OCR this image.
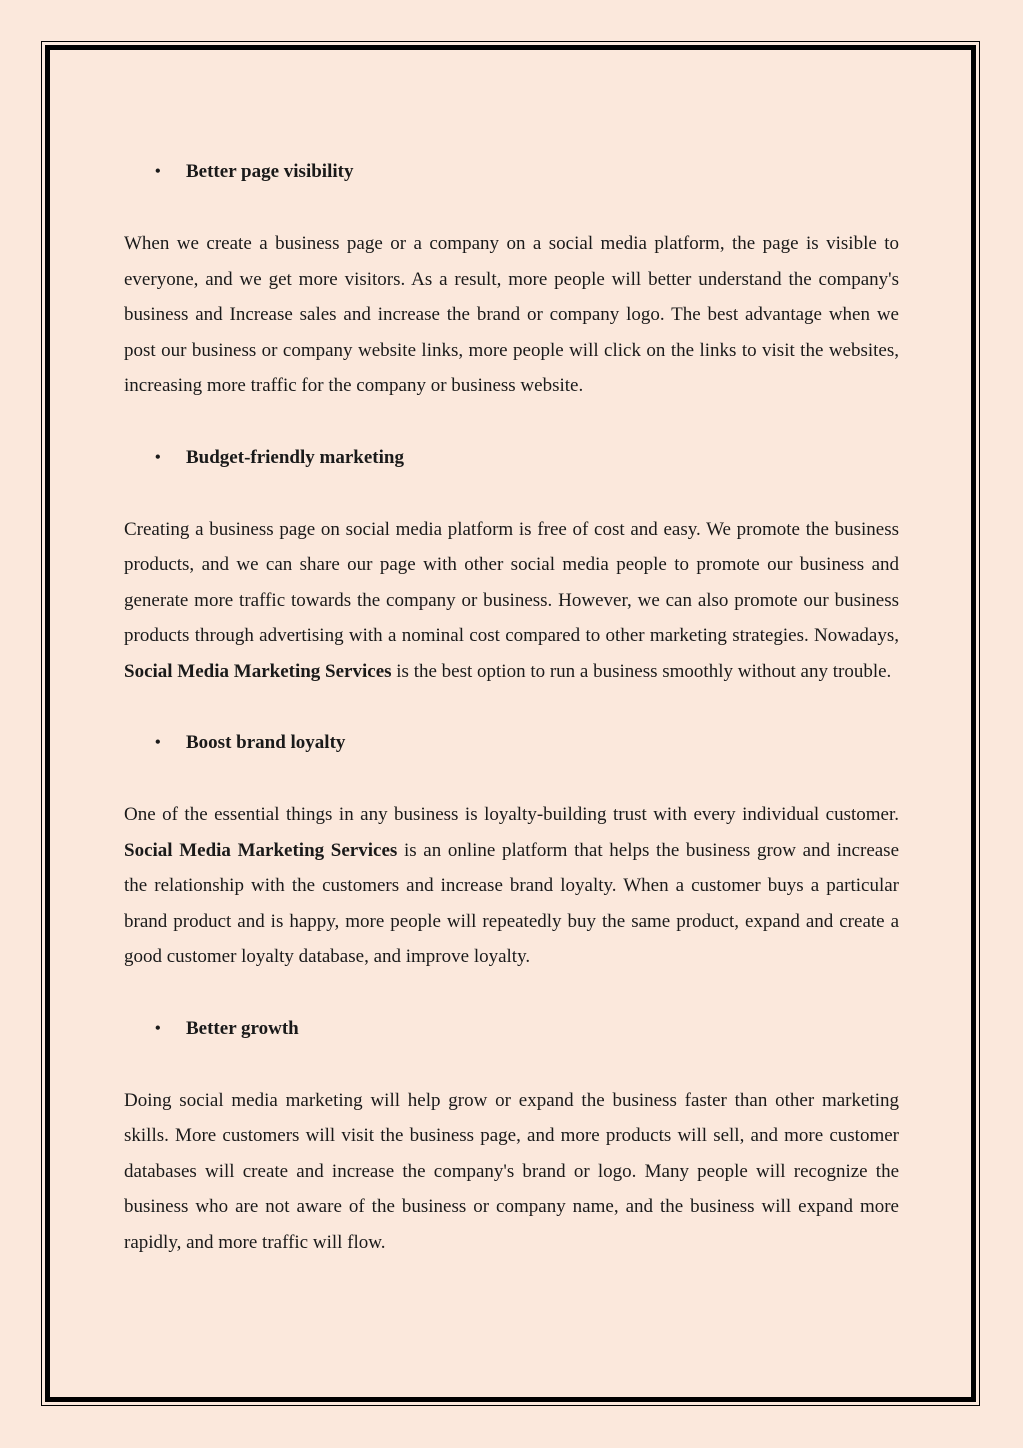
•	Better page visibility

When we create a business page or a company on a social media platform, the page is visible to everyone, and we get more visitors. As a result, more people will better understand the company's business and Increase sales and increase the brand or company logo. The best advantage when we post our business or company website links, more people will click on the links to visit the websites, increasing more traffic for the company or business website.

•	Budget-friendly marketing

Creating a business page on social media platform is free of cost and easy. We promote the business products, and we can share our page with other social media people to promote our business and generate more traffic towards the company or business. However, we can also promote our business products through advertising with a nominal cost compared to other marketing strategies. Nowadays, Social Media Marketing Services is the best option to run a business smoothly without any trouble.

•	Boost brand loyalty

One of the essential things in any business is loyalty-building trust with every individual customer. Social Media Marketing Services is an online platform that helps the business grow and increase the relationship with the customers and increase brand loyalty. When a customer buys a particular brand product and is happy, more people will repeatedly buy the same product, expand and create a good customer loyalty database, and improve loyalty.

•	Better growth

Doing social media marketing will help grow or expand the business faster than other marketing skills. More customers will visit the business page, and more products will sell, and more customer databases will create and increase the company's brand or logo. Many people will recognize the business who are not aware of the business or company name, and the business will expand more rapidly, and more traffic will flow.
